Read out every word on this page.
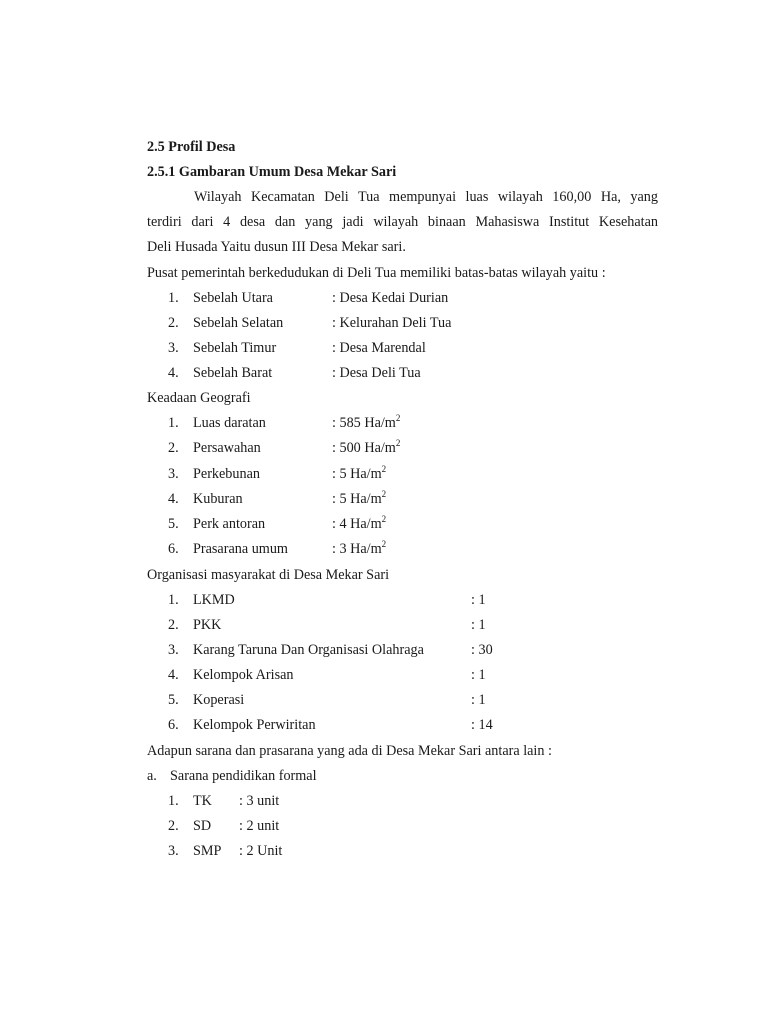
2.5 Profil Desa
2.5.1 Gambaran Umum Desa Mekar Sari
Wilayah Kecamatan Deli Tua mempunyai luas wilayah 160,00 Ha, yang
terdiri dari 4 desa dan yang jadi wilayah binaan Mahasiswa Institut Kesehatan
Deli Husada Yaitu dusun III Desa Mekar sari.
Pusat pemerintah berkedudukan di Deli Tua memiliki batas-batas wilayah yaitu :
1. Sebelah Utara	: Desa Kedai Durian
2. Sebelah Selatan	: Kelurahan Deli Tua
3. Sebelah Timur	: Desa Marendal
4. Sebelah Barat	: Desa Deli Tua
Keadaan Geografi
1. Luas daratan	: 585 $Ha/m^2$
2. Persawahan	: 500 $Ha/m^2$
3. Perkebunan	: 5 $Ha/m^2$
4. Kuburan	: 5 $Ha/m^2$
5. Perk antoran	: 4 $Ha/m^2$
6. Prasarana umum	: 3 $Ha/m^2$
Organisasi masyarakat di Desa Mekar Sari
1. LKMD	: 1
2. PKK	: 1
3. Karang Taruna Dan Organisasi Olahraga	: 30
4. Kelompok Arisan	: 1
5. Koperasi	: 1
6. Kelompok Perwiritan	: 14
Adapun sarana dan prasarana yang ada di Desa Mekar Sari antara lain :
a. Sarana pendidikan formal
1. TK : 3 unit
2. SD : 2 unit
3. SMP : 2 Unit
